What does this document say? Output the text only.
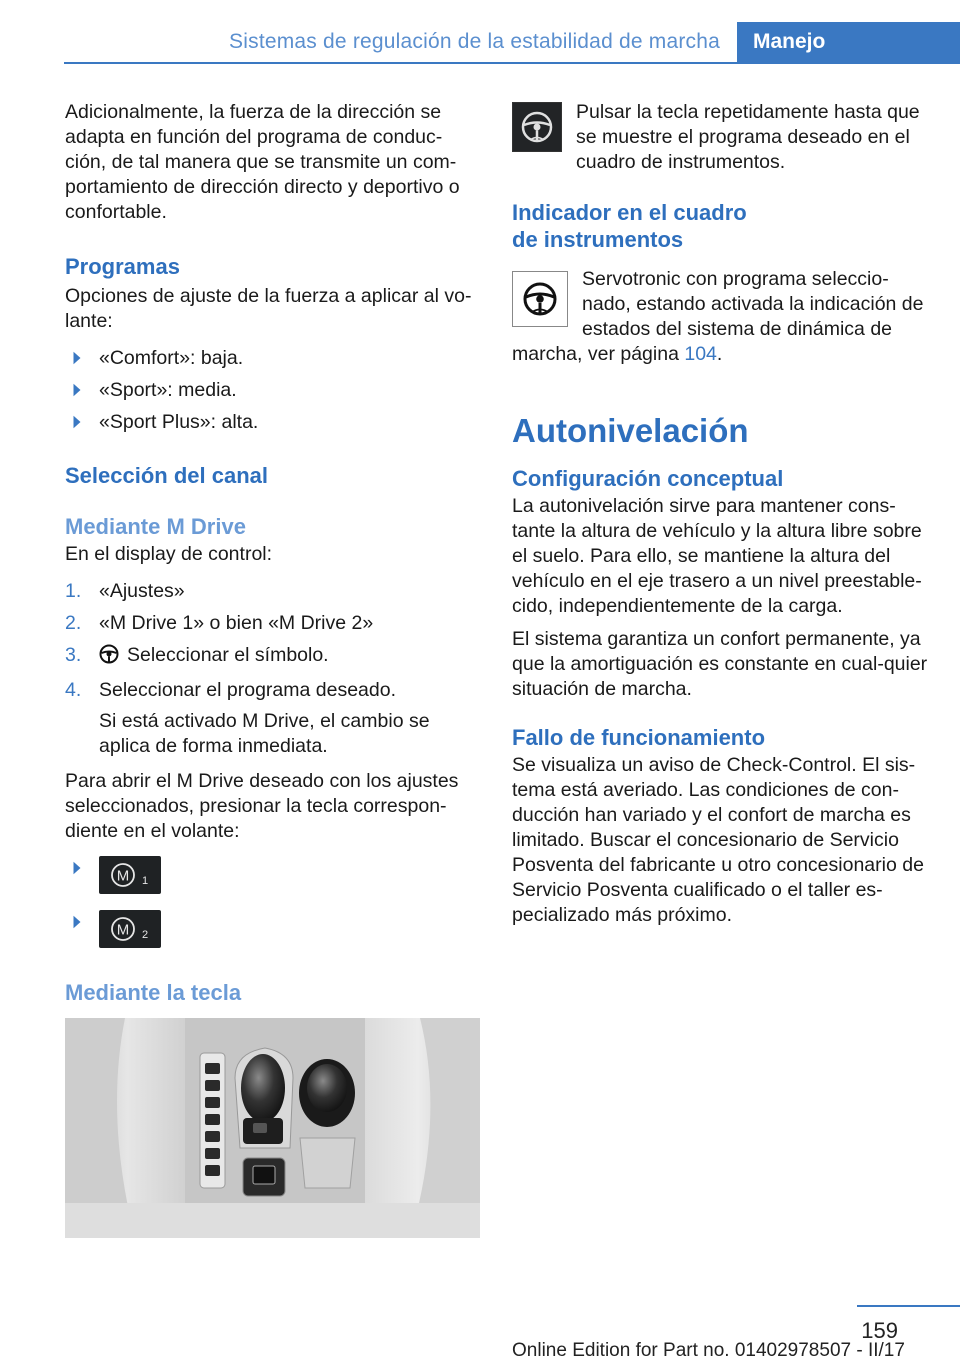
Sistemas de regulación de la estabilidad de marcha	Manejo

Adicionalmente, la fuerza de la dirección se adapta en función del programa de conduc-ción, de tal manera que se transmite un com-portamiento de dirección directo y deportivo o confortable.

Programas

Opciones de ajuste de la fuerza a aplicar al vo-lante:

«Comfort»: baja.
«Sport»: media.
«Sport Plus»: alta.
Selección del canal
Mediante M Drive

En el display de control:

1. «Ajustes»
2. «M Drive 1» o bien «M Drive 2»
3. Seleccionar el símbolo.
4. Seleccionar el programa deseado.

Si está activado M Drive, el cambio se aplica de forma inmediata.

Para abrir el M Drive deseado con los ajustes seleccionados, presionar la tecla correspon-diente en el volante:

M 1
M 2
Mediante la tecla

Pulsar la tecla repetidamente hasta que se muestre el programa deseado en el cuadro de instrumentos.

Indicador en el cuadro
de instrumentos

Servotronic con programa seleccio-nado, estando activada la indicación de estados del sistema de dinámica de marcha, ver página 104.

Autonivelación
Configuración conceptual

La autonivelación sirve para mantener cons-tante la altura de vehículo y la altura libre sobre el suelo. Para ello, se mantiene la altura del vehículo en el eje trasero a un nivel preestable-cido, independientemente de la carga.

El sistema garantiza un confort permanente, ya que la amortiguación es constante en cual-quier situación de marcha.

Fallo de funcionamiento

Se visualiza un aviso de Check-Control. El sis-tema está averiado. Las condiciones de con-ducción han variado y el confort de marcha es limitado. Buscar el concesionario de Servicio Posventa del fabricante u otro concesionario de Servicio Posventa cualificado o el taller es-pecializado más próximo.

159
Online Edition for Part no. 01402978507 - II/17
